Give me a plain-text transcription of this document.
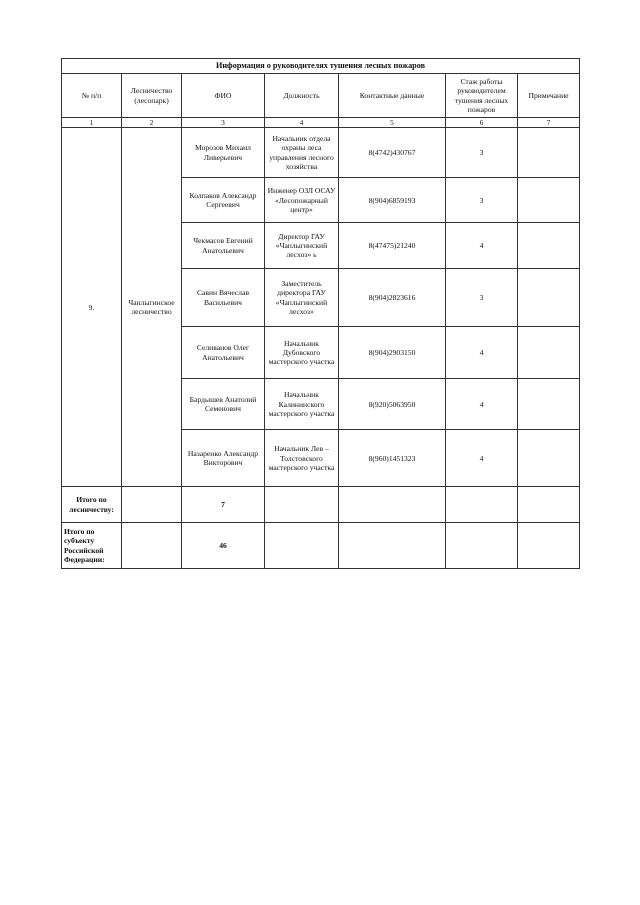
Информация о руководителях тушения лесных пожаров						
№ п/п	Лесничество (лесопарк)	ФИО	Должность	Контактные данные	Стаж работы руководителем тушения лесных пожаров	Примечание
1	2	3	4	5	6	7
9.	Чаплыгинское лесничество	Морозов Михаил Ливерьевич	Начальник отдела охраны леса управления лесного хозяйства	8(4742)430767	3	
		Колпаков Александр Сергеевич	Инженер ОЗЛ ОСАУ «Лесопожарный центр»	8(904)6859193	3	
		Чекмасов Евгений Анатольевич	Директор ГАУ «Чаплыгинский лесхоз» ь	8(47475)21240	4	
		Савин Вячеслав Васильевич	Заместитель директора ГАУ «Чаплыгинский лесхоз»	8(904)2823616	3	
		Селиванов Олег Анатольевич	Начальник Дубовского мастерского участка	8(904)2903150	4	
		Бардышев Анатолий Семенович	Начальник Калининского мастерского участка	8(920)5063950	4	
		Назаренко Александр Викторович	Начальник Лев – Толстовского мастерского участка	8(960)1451323	4	
Итого по лесничеству:		7				
Итого по субъекту Российской Федерации:		46				
